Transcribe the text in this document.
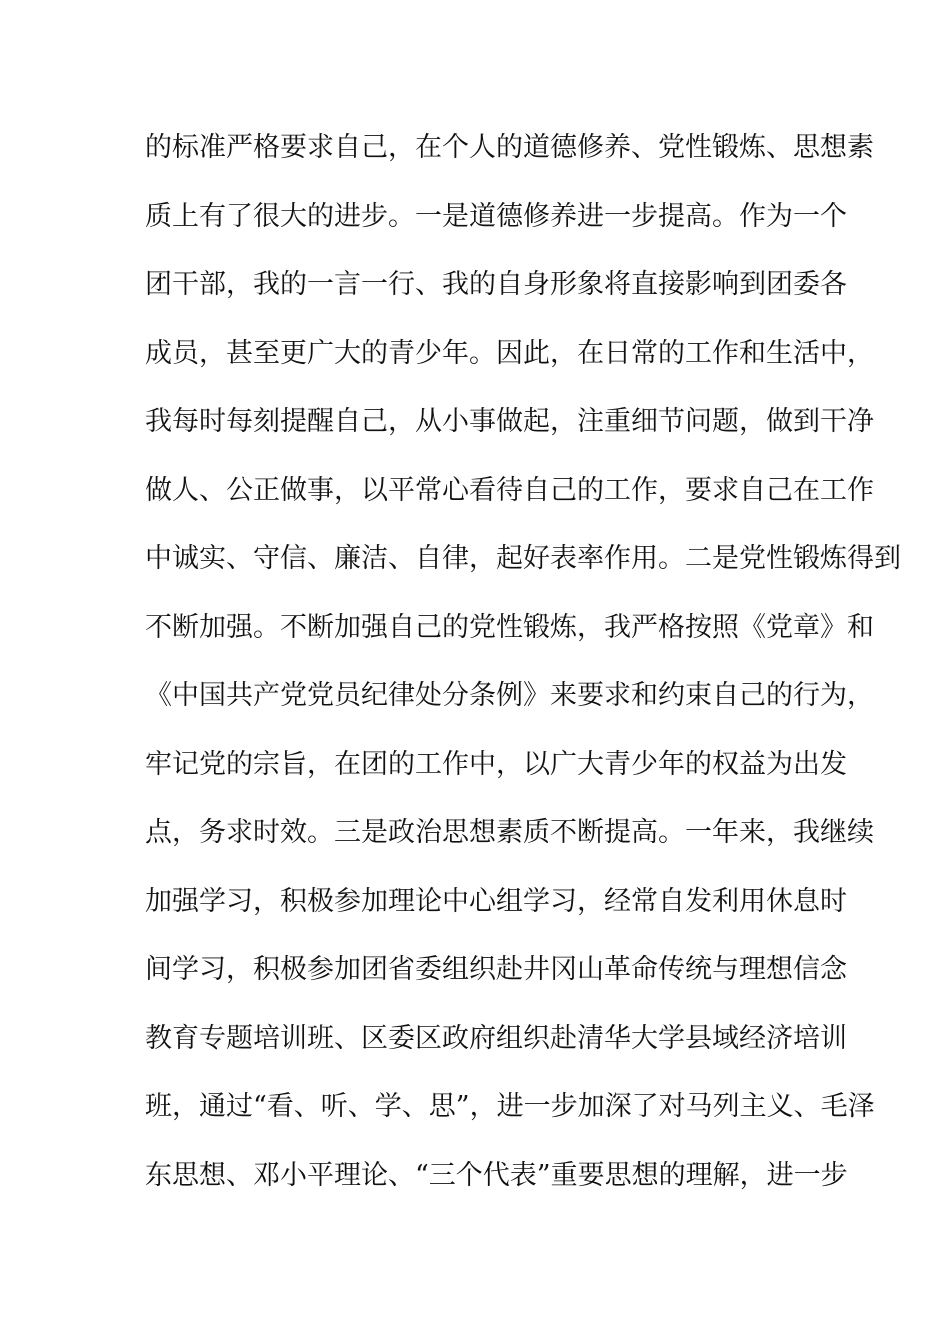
的标准严格要求自己，在个人的道德修养、党性锻炼、思想素
质上有了很大的进步。一是道德修养进一步提高。作为一个
团干部，我的一言一行、我的自身形象将直接影响到团委各
成员，甚至更广大的青少年。因此，在日常的工作和生活中，
我每时每刻提醒自己，从小事做起，注重细节问题，做到干净
做人、公正做事，以平常心看待自己的工作，要求自己在工作
中诚实、守信、廉洁、自律，起好表率作用。二是党性锻炼得到
不断加强。不断加强自己的党性锻炼，我严格按照《党章》和
《中国共产党党员纪律处分条例》来要求和约束自己的行为，
牢记党的宗旨，在团的工作中，以广大青少年的权益为出发
点，务求时效。三是政治思想素质不断提高。一年来，我继续
加强学习，积极参加理论中心组学习，经常自发利用休息时
间学习，积极参加团省委组织赴井冈山革命传统与理想信念
教育专题培训班、区委区政府组织赴清华大学县域经济培训
班，通过“看、听、学、思”，进一步加深了对马列主义、毛泽
东思想、邓小平理论、“三个代表”重要思想的理解，进一步
